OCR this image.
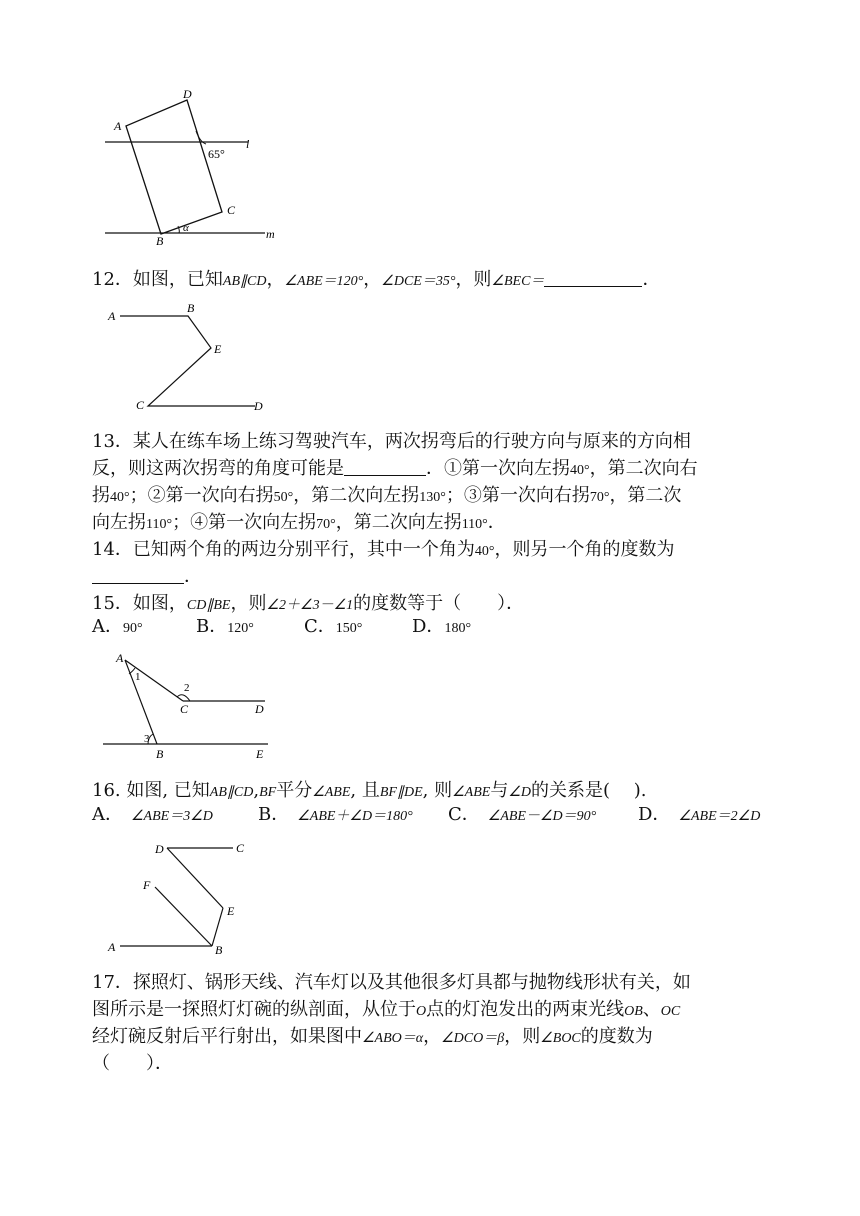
A
D
C
B
l
m
65°
α
12．如图，已知AB∥CD，∠ABE＝120°，∠DCE＝35°，则∠BEC＝	．
A
B
E
C	D
13．某人在练车场上练习驾驶汽车，两次拐弯后的行驶方向与原来的方向相
反，则这两次拐弯的角度可能是	．①第一次向左拐40°，第二次向右
拐40°；②第一次向右拐50°，第二次向左拐130°；③第一次向右拐70°，第二次
向左拐110°；④第一次向左拐70°，第二次向左拐110°．
14．已知两个角的两边分别平行，其中一个角为40°，则另一个角的度数为
．
15．如图，CD∥BE，则∠2＋∠3－∠1的度数等于（　　）．
A．90°	B．120°	C．150°	D．180°
A
1
2
C	D
3
B	E
16. 如图, 已知AB∥CD,BF平分∠ABE, 且BF∥DE, 则∠ABE与∠D的关系是(　 ).
A． ∠ABE＝3∠D	B． ∠ABE＋∠D＝180° C． ∠ABE－∠D＝90° D． ∠ABE＝2∠D
D	C
F
E
A	B
17．探照灯、锅形天线、汽车灯以及其他很多灯具都与抛物线形状有关，如
图所示是一探照灯灯碗的纵剖面，从位于O点的灯泡发出的两束光线OB、OC
经灯碗反射后平行射出，如果图中∠ABO＝α，∠DCO＝β，则∠BOC的度数为
（　　）．
